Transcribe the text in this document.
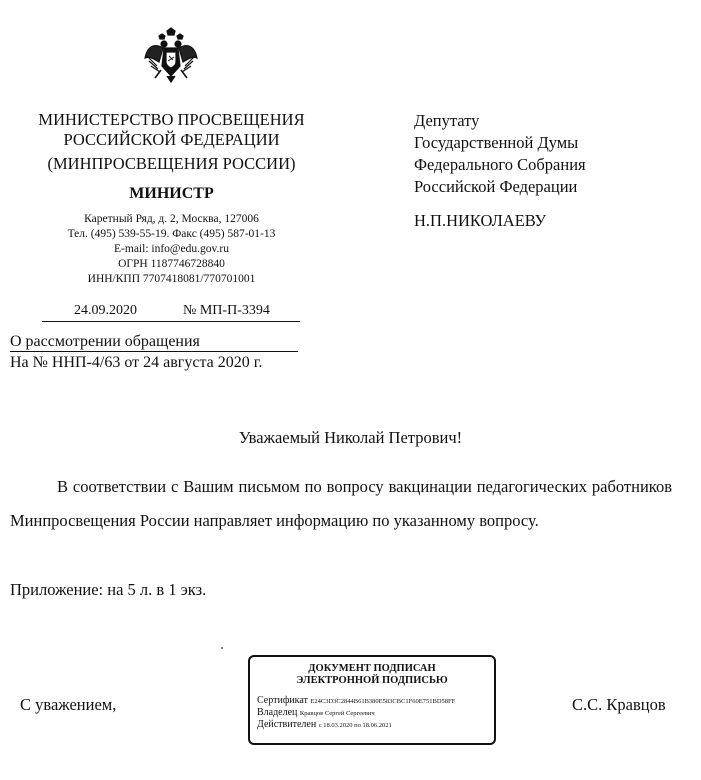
МИНИСТЕРСТВО ПРОСВЕЩЕНИЯ
РОССИЙСКОЙ ФЕДЕРАЦИИ
(МИНПРОСВЕЩЕНИЯ РОССИИ)
МИНИСТР
Каретный Ряд, д. 2, Москва, 127006
Тел. (495) 539-55-19. Факс (495) 587-01-13
E-mail: info@edu.gov.ru
ОГРН 1187746728840
ИНН/КПП 7707418081/770701001
24.09.2020	№ МП-П-3394
О рассмотрении обращения
На № ННП-4/63 от 24 августа 2020 г.
Депутату
Государственной Думы
Федерального Собрания
Российской Федерации
Н.П.НИКОЛАЕВУ
Уважаемый Николай Петрович!
В соответствии с Вашим письмом по вопросу вакцинации педагогических работников Минпросвещения России направляет информацию по указанному вопросу.
Приложение: на 5 л. в 1 экз.
С уважением,	С.С. Кравцов
ДОКУМЕНТ ПОДПИСАН
ЭЛЕКТРОННОЙ ПОДПИСЬЮ
Сертификат E24C3D3C2844B61B380E583CBC1F60E751BD58FF
Владелец Кравцов Сергей Сергеевич
Действителен с 18.03.2020 по 18.06.2021
